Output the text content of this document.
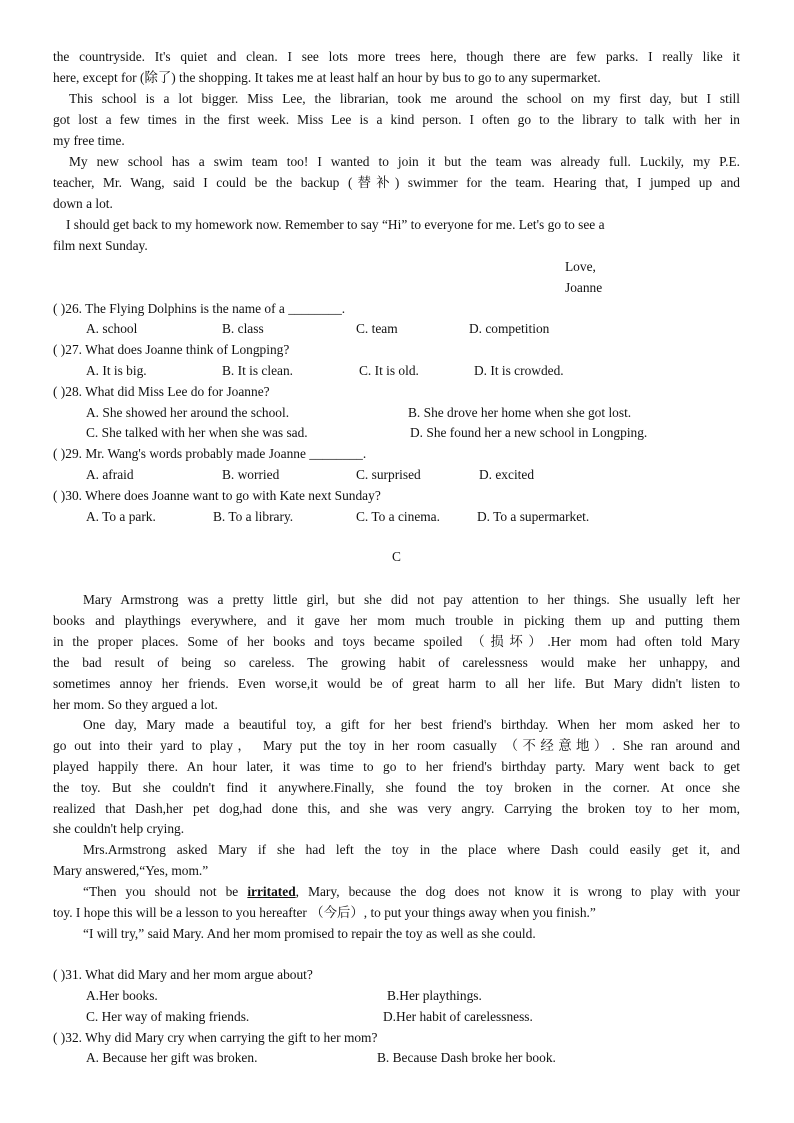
the countryside. It's quiet and clean. I see lots more trees here, though there are few parks. I really like it
here, except for (除了) the shopping. It takes me at least half an hour by bus to go to any supermarket.
This school is a lot bigger. Miss Lee, the librarian, took me around the school on my first day, but I still
got lost a few times in the first week. Miss Lee is a kind person. I often go to the library to talk with her in
my free time.
My new school has a swim team too! I wanted to join it but the team was already full. Luckily, my P.E.
teacher, Mr. Wang, said I could be the backup (替补) swimmer for the team. Hearing that, I jumped up and
down a lot.
I should get back to my homework now. Remember to say “Hi” to everyone for me. Let's go to see a
film next Sunday.
Love,
Joanne
( )26. The Flying Dolphins is the name of a ________.
A. school	B. class	C. team	D. competition
( )27. What does Joanne think of Longping?
A. It is big.	B. It is clean.	C. It is old.	D. It is crowded.
( )28. What did Miss Lee do for Joanne?
A. She showed her around the school.	B. She drove her home when she got lost.
C. She talked with her when she was sad.	D. She found her a new school in Longping.
( )29. Mr. Wang's words probably made Joanne ________.
A. afraid	B. worried	C. surprised	D. excited
( )30. Where does Joanne want to go with Kate next Sunday?
A. To a park.	B. To a library.	C. To a cinema.	D. To a supermarket.
C
Mary Armstrong was a pretty little girl, but she did not pay attention to her things. She usually left her
books and playthings everywhere, and it gave her mom much trouble in picking them up and putting them
in the proper places. Some of her books and toys became spoiled （损坏）.Her mom had often told Mary
the bad result of being so careless. The growing habit of carelessness would make her unhappy, and
sometimes annoy her friends. Even worse,it would be of great harm to all her life. But Mary didn't listen to
her mom. So they argued a lot.
One day, Mary made a beautiful toy, a gift for her best friend's birthday. When her mom asked her to
go out into their yard to play， Mary put the toy in her room casually （不经意地）. She ran around and
played happily there. An hour later, it was time to go to her friend's birthday party. Mary went back to get
the toy. But she couldn't find it anywhere.Finally, she found the toy broken in the corner. At once she
realized that Dash,her pet dog,had done this, and she was very angry. Carrying the broken toy to her mom,
she couldn't help crying.
Mrs.Armstrong asked Mary if she had left the toy in the place where Dash could easily get it, and
Mary answered,“Yes, mom.”
“Then you should not be irritated, Mary, because the dog does not know it is wrong to play with your
toy. I hope this will be a lesson to you hereafter （今后）, to put your things away when you finish.”
“I will try,” said Mary. And her mom promised to repair the toy as well as she could.
( )31. What did Mary and her mom argue about?
A.Her books.	B.Her playthings.
C. Her way of making friends.	D.Her habit of carelessness.
( )32. Why did Mary cry when carrying the gift to her mom?
A. Because her gift was broken.	B. Because Dash broke her book.
